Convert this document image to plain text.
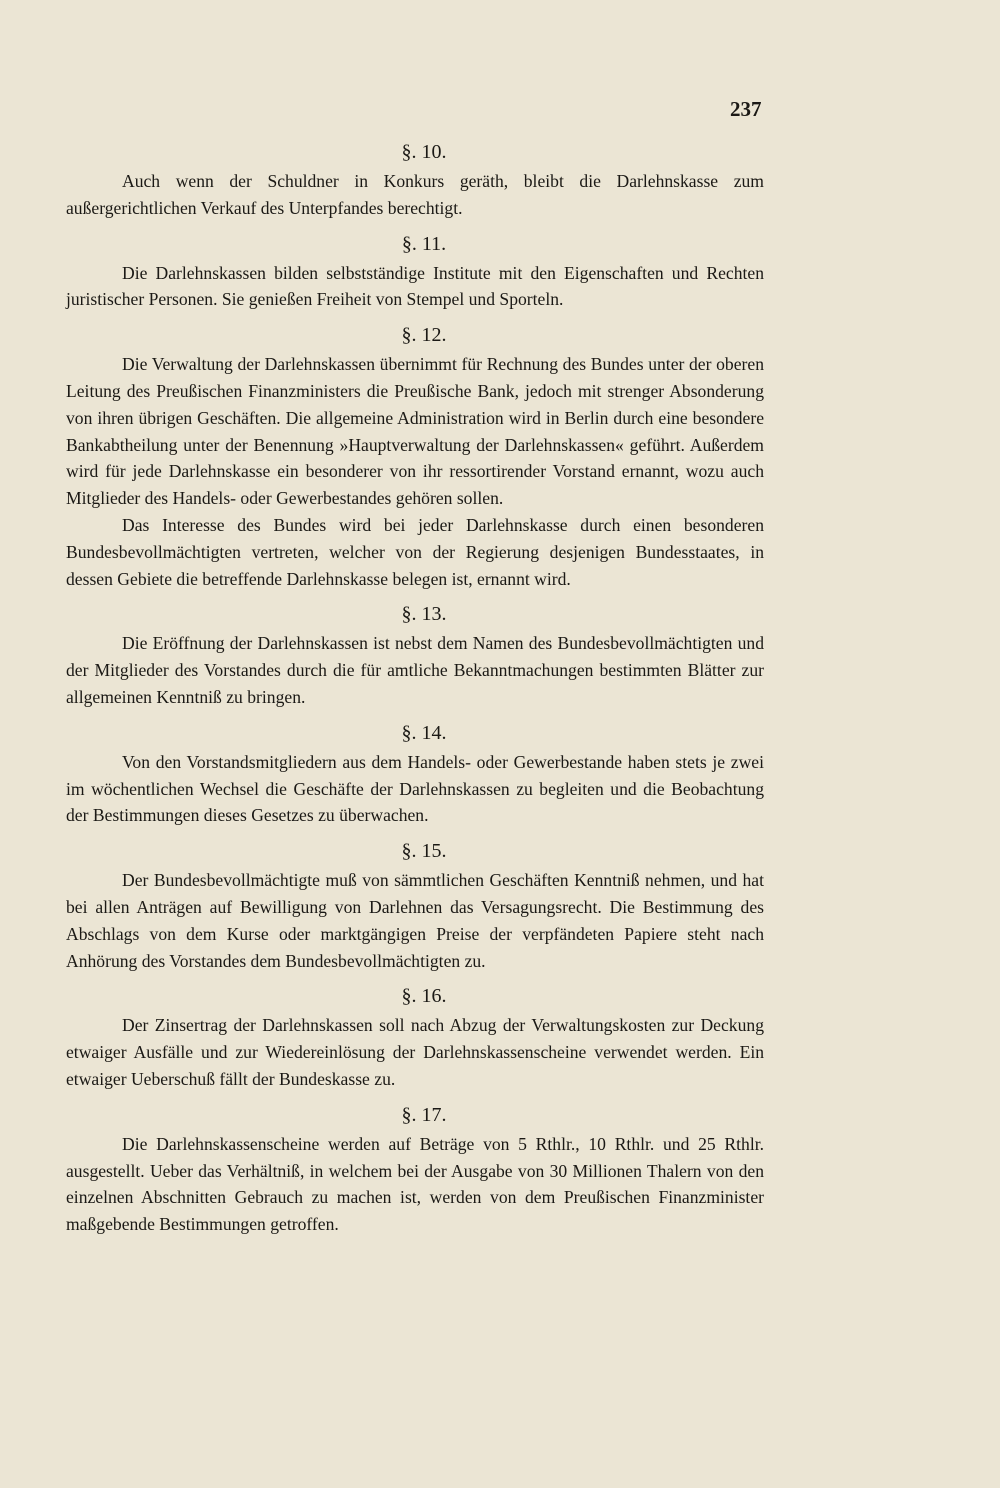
237
§. 10.

Auch wenn der Schuldner in Konkurs geräth, bleibt die Darlehnskasse zum außergerichtlichen Verkauf des Unterpfandes berechtigt.

§. 11.

Die Darlehnskassen bilden selbstständige Institute mit den Eigenschaften und Rechten juristischer Personen. Sie genießen Freiheit von Stempel und Sporteln.

§. 12.

Die Verwaltung der Darlehnskassen übernimmt für Rechnung des Bundes unter der oberen Leitung des Preußischen Finanzministers die Preußische Bank, jedoch mit strenger Absonderung von ihren übrigen Geschäften. Die allgemeine Administration wird in Berlin durch eine besondere Bankabtheilung unter der Benennung »Hauptverwaltung der Darlehnskassen« geführt. Außerdem wird für jede Darlehnskasse ein besonderer von ihr ressortirender Vorstand ernannt, wozu auch Mitglieder des Handels- oder Gewerbestandes gehören sollen.

Das Interesse des Bundes wird bei jeder Darlehnskasse durch einen besonderen Bundesbevollmächtigten vertreten, welcher von der Regierung desjenigen Bundesstaates, in dessen Gebiete die betreffende Darlehnskasse belegen ist, ernannt wird.

§. 13.

Die Eröffnung der Darlehnskassen ist nebst dem Namen des Bundesbevollmächtigten und der Mitglieder des Vorstandes durch die für amtliche Bekanntmachungen bestimmten Blätter zur allgemeinen Kenntniß zu bringen.

§. 14.

Von den Vorstandsmitgliedern aus dem Handels- oder Gewerbestande haben stets je zwei im wöchentlichen Wechsel die Geschäfte der Darlehnskassen zu begleiten und die Beobachtung der Bestimmungen dieses Gesetzes zu überwachen.

§. 15.

Der Bundesbevollmächtigte muß von sämmtlichen Geschäften Kenntniß nehmen, und hat bei allen Anträgen auf Bewilligung von Darlehnen das Versagungsrecht. Die Bestimmung des Abschlags von dem Kurse oder marktgängigen Preise der verpfändeten Papiere steht nach Anhörung des Vorstandes dem Bundesbevollmächtigten zu.

§. 16.

Der Zinsertrag der Darlehnskassen soll nach Abzug der Verwaltungskosten zur Deckung etwaiger Ausfälle und zur Wiedereinlösung der Darlehnskassenscheine verwendet werden. Ein etwaiger Ueberschuß fällt der Bundeskasse zu.

§. 17.

Die Darlehnskassenscheine werden auf Beträge von 5 Rthlr., 10 Rthlr. und 25 Rthlr. ausgestellt. Ueber das Verhältniß, in welchem bei der Ausgabe von 30 Millionen Thalern von den einzelnen Abschnitten Gebrauch zu machen ist, werden von dem Preußischen Finanzminister maßgebende Bestimmungen getroffen.
